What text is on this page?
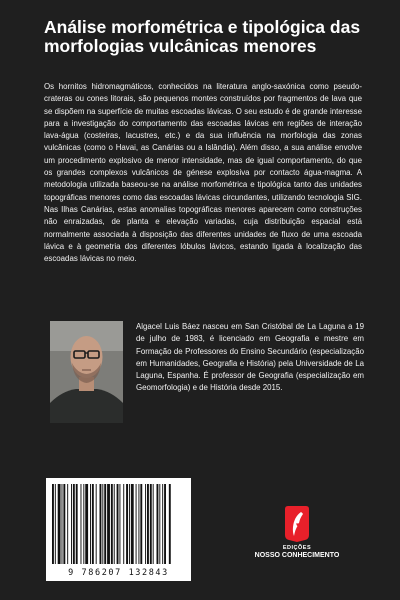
Análise morfométrica e tipológica das morfologias vulcânicas menores

Os hornitos hidromagmáticos, conhecidos na literatura anglo-saxónica como pseudo-crateras ou cones litorais, são pequenos montes construídos por fragmentos de lava que se dispõem na superfície de muitas escoadas lávicas. O seu estudo é de grande interesse para a investigação do comportamento das escoadas lávicas em regiões de interação lava-água (costeiras, lacustres, etc.) e da sua influência na morfologia das zonas vulcânicas (como o Havai, as Canárias ou a Islândia). Além disso, a sua análise envolve um procedimento explosivo de menor intensidade, mas de igual comportamento, do que os grandes complexos vulcânicos de génese explosiva por contacto água-magma. A metodologia utilizada baseou-se na análise morfométrica e tipológica tanto das unidades topográficas menores como das escoadas lávicas circundantes, utilizando tecnologia SIG. Nas Ilhas Canárias, estas anomalias topográficas menores aparecem como construções não enraizadas, de planta e elevação variadas, cuja distribuição espacial está normalmente associada à disposição das diferentes unidades de fluxo de uma escoada lávica e à geometria dos diferentes lóbulos lávicos, estando ligada à localização das escoadas lávicas no meio.

Algacel Luis Báez nasceu em San Cristóbal de La Laguna a 19 de julho de 1983, é licenciado em Geografia e mestre em Formação de Professores do Ensino Secundário (especialização em Humanidades, Geografia e História) pela Universidade de La Laguna, Espanha. É professor de Geografia (especialização em Geomorfologia) e de História desde 2015.

9 786207 132843
EDIÇÕES
NOSSO CONHECIMENTO
